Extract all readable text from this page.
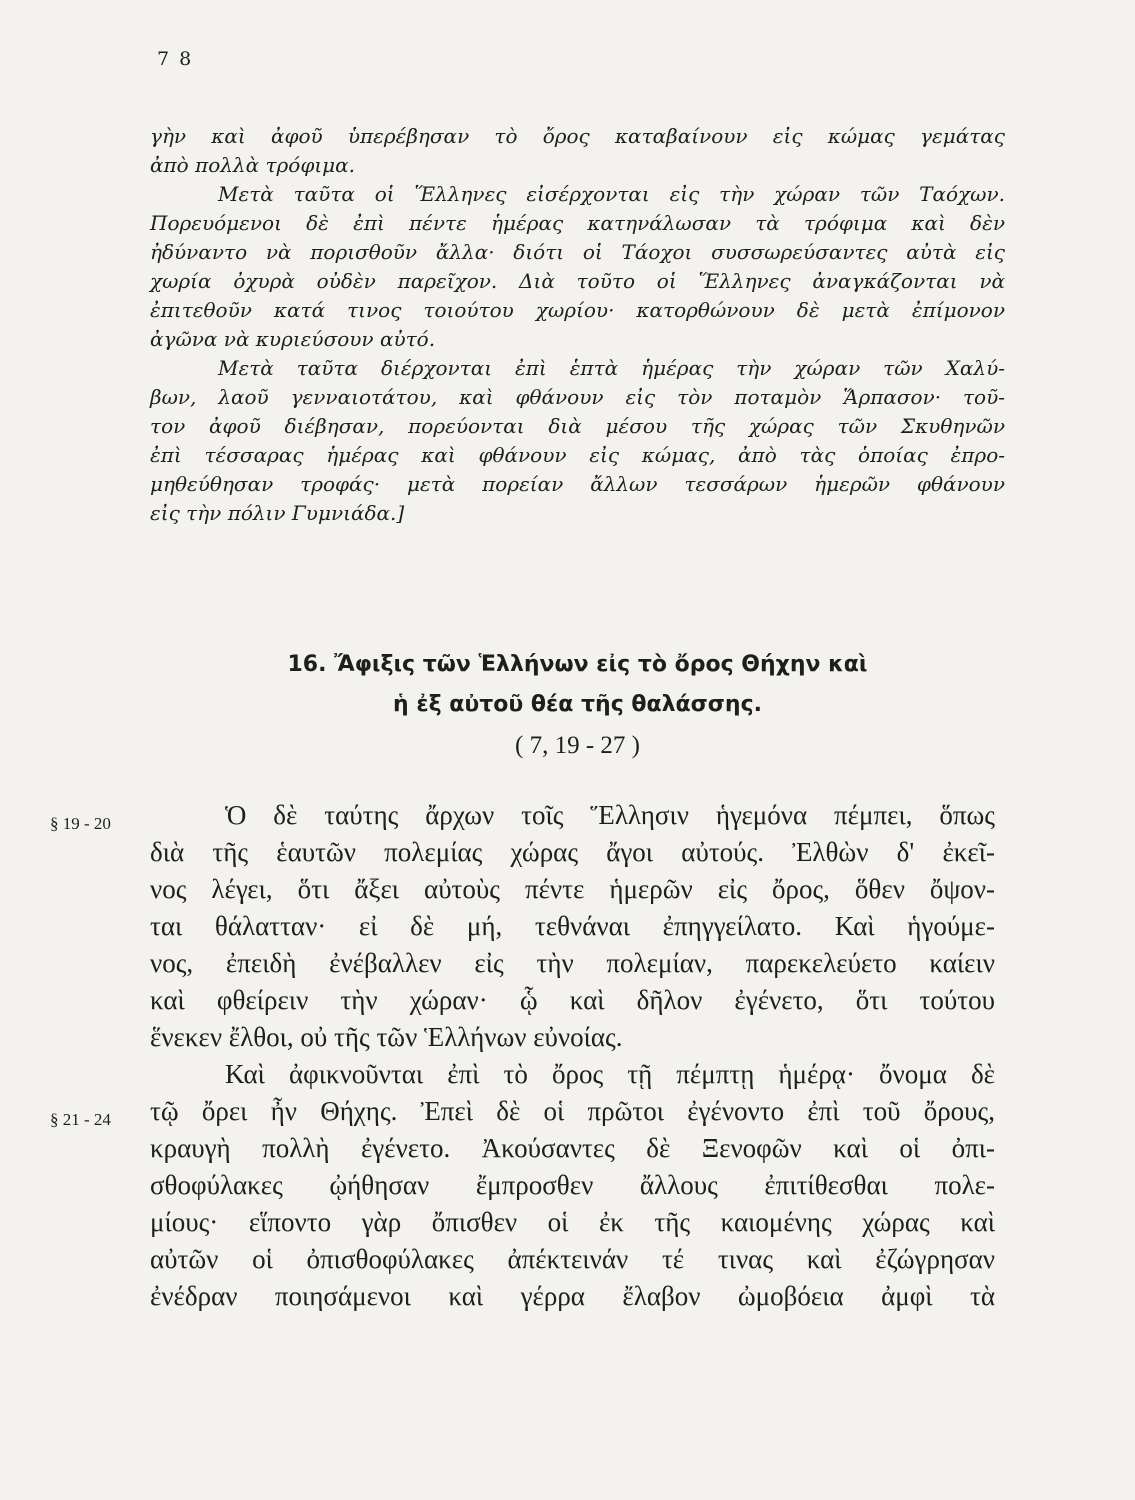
7 8
γὴν καὶ ἀφοῦ ὑπερέβησαν τὸ ὄρος καταβαίνουν εἰς κώμας γεμάτας
ἀπὸ πολλὰ τρόφιμα.
Μετὰ ταῦτα οἱ Ἕλληνες εἰσέρχονται εἰς τὴν χώραν τῶν Ταόχων.
Πορευόμενοι δὲ ἐπὶ πέντε ἡμέρας κατηνάλωσαν τὰ τρόφιμα καὶ δὲν
ἠδύναντο νὰ πορισθοῦν ἄλλα· διότι οἱ Τάοχοι συσσωρεύσαντες αὐτὰ εἰς
χωρία ὀχυρὰ οὐδὲν παρεῖχον. Διὰ τοῦτο οἱ Ἕλληνες ἀναγκάζονται νὰ
ἐπιτεθοῦν κατά τινος τοιούτου χωρίου· κατορθώνουν δὲ μετὰ ἐπίμονον
ἀγῶνα νὰ κυριεύσουν αὐτό.
Μετὰ ταῦτα διέρχονται ἐπὶ ἑπτὰ ἡμέρας τὴν χώραν τῶν Χαλύ-
βων, λαοῦ γενναιοτάτου, καὶ φθάνουν εἰς τὸν ποταμὸν Ἅρπασον· τοῦ-
τον ἀφοῦ διέβησαν, πορεύονται διὰ μέσου τῆς χώρας τῶν Σκυθηνῶν
ἐπὶ τέσσαρας ἡμέρας καὶ φθάνουν εἰς κώμας, ἀπὸ τὰς ὁποίας ἐπρο-
μηθεύθησαν τροφάς· μετὰ πορείαν ἄλλων τεσσάρων ἡμερῶν φθάνουν
εἰς τὴν πόλιν Γυμνιάδα.]
16. Ἄφιξις τῶν Ἑλλήνων εἰς τὸ ὄρος Θήχην καὶ
ἡ ἐξ αὐτοῦ θέα τῆς θαλάσσης.
( 7, 19 - 27 )
§ 19 - 20
§ 21 - 24
Ὁ δὲ ταύτης ἄρχων τοῖς Ἕλλησιν ἡγεμόνα πέμπει, ὅπως
διὰ τῆς ἑαυτῶν πολεμίας χώρας ἄγοι αὐτούς. Ἐλθὼν δ' ἐκεῖ-
νος λέγει, ὅτι ἄξει αὐτοὺς πέντε ἡμερῶν εἰς ὄρος, ὅθεν ὄψον-
ται θάλατταν· εἰ δὲ μή, τεθνάναι ἐπηγγείλατο. Καὶ ἡγούμε-
νος, ἐπειδὴ ἐνέβαλλεν εἰς τὴν πολεμίαν, παρεκελεύετο καίειν
καὶ φθείρειν τὴν χώραν· ᾧ καὶ δῆλον ἐγένετο, ὅτι τούτου
ἕνεκεν ἔλθοι, οὐ τῆς τῶν Ἑλλήνων εὐνοίας.
Καὶ ἀφικνοῦνται ἐπὶ τὸ ὄρος τῇ πέμπτῃ ἡμέρᾳ· ὄνομα δὲ
τῷ ὄρει ἦν Θήχης. Ἐπεὶ δὲ οἱ πρῶτοι ἐγένοντο ἐπὶ τοῦ ὄρους,
κραυγὴ πολλὴ ἐγένετο. Ἀκούσαντες δὲ Ξενοφῶν καὶ οἱ ὀπι-
σθοφύλακες ᾠήθησαν ἔμπροσθεν ἄλλους ἐπιτίθεσθαι πολε-
μίους· εἵποντο γὰρ ὄπισθεν οἱ ἐκ τῆς καιομένης χώρας καὶ
αὐτῶν οἱ ὀπισθοφύλακες ἀπέκτεινάν τέ τινας καὶ ἐζώγρησαν
ἐνέδραν ποιησάμενοι καὶ γέρρα ἔλαβον ὠμοβόεια ἀμφὶ τὰ
